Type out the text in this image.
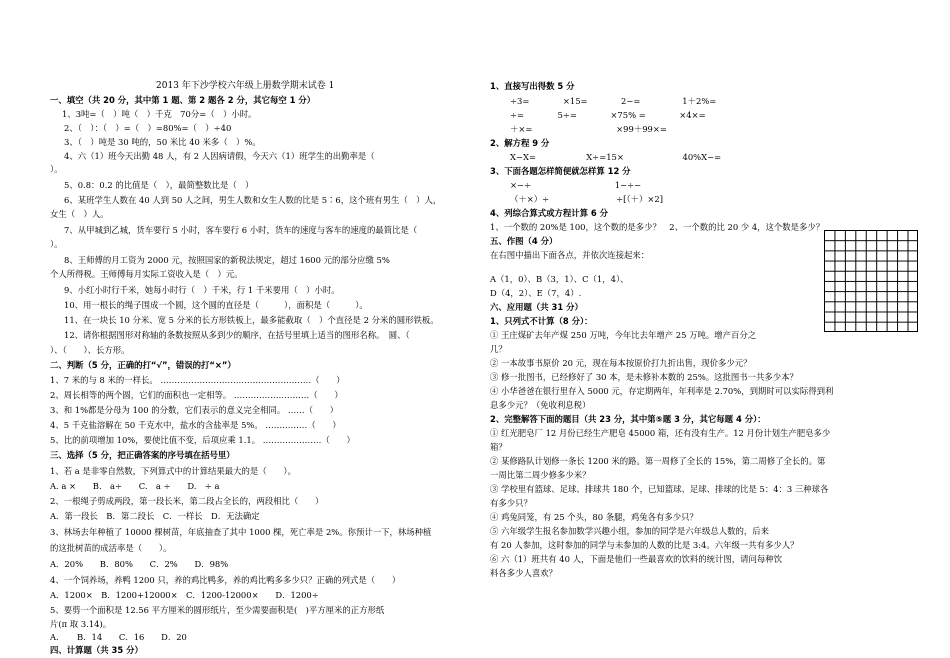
2013 年下沙学校六年级上册数学期末试卷 1
一、填空（共 20 分，其中第 1 题、第 2 题各 2 分，其它每空 1 分）
1、3吨=（　）吨（　）千克　70分=（　）小时。
2、（　）：（　）=（　）=80%=（　）÷40
3、（　）吨是 30 吨的，50 米比 40 米多（　）%。
4、六（1）班今天出勤 48 人，有 2 人因病请假，今天六（1）班学生的出勤率是（
）。
5、0.8：0.2 的比值是（　），最简整数比是（　）
6、某班学生人数在 40 人到 50 人之间，男生人数和女生人数的比是 5∶6，这个班有男生（　）人，
女生（　）人。
7、从甲城到乙城，货车要行 5 小时，客车要行 6 小时，货车的速度与客车的速度的最简比是（
）。
8、王师傅的月工资为 2000 元，按照国家的新税法规定，超过 1600 元的部分应缴 5%
个人所得税。王师傅每月实际工资收入是（　）元。
9、小红小时行千米，她每小时行（　）千米，行 1 千米要用（　）小时。
10、用一根长的绳子围成一个圆，这个圆的直径是（　　　），面积是（　　　）。
11、在一块长 10 分米、宽 5 分米的长方形铁板上，最多能截取（　）个直径是 2 分米的圆形铁板。
12、请你根据图形对称轴的条数按照从多到少的顺序，在括号里填上适当的图形名称。　圆、（
）、（　　）、长方形。
二、判断（5 分，正确的打“√”，错误的打“×”）
1、7 米的与 8 米的一样长。 ………………………………………………（　　）
2、周长相等的两个圆，它们的面积也一定相等。 ………………………（　　）
3、和 1%都是分母为 100 的分数，它们表示的意义完全相同。 ……（　　）
4、5 千克盐溶解在 50 千克水中，盐水的含盐率是 5%。 ……………（　　）
5、比的前项增加 10%，要使比值不变，后项应乘 1.1。 …………………（　　）
三、选择（5 分，把正确答案的序号填在括号里）
1、若 a 是非零自然数，下列算式中的计算结果最大的是（　　）。
A. a ×　　B.　a÷　　C.　a ÷　　D.　÷ a
2、一根绳子剪成两段，第一段长米，第二段占全长的，两段相比（　　）
A．第一段长　B．第二段长　C．一样长　D．无法确定
3、林场去年种植了 10000 棵树苗，年底抽查了其中 1000 棵，死亡率是 2%。你预计一下，林场种植
的这批树苗的成活率是（　　）。
A．20%　　B．80%　　C．2%　　D．98%
4、一个饲养场，养鸭 1200 只，养的鸡比鸭多，养的鸡比鸭多多少只？正确的列式是（　　）
A．1200×　B．1200+12000×　C．1200-12000×　　D．1200÷
5、要剪一个面积是 12.56 平方厘米的圆形纸片，至少需要面积是(　)平方厘米的正方形纸
片(π 取 3.14)。
A．　　B．14　　C．16　　D．20
四、计算题（共 35 分）
1、直接写出得数 5 分
÷3=　　　　×15=　　　　2−=　　　　　1＋2%=
÷=　　　　5÷=　　　　×75% =　　　　×4×=
＋×=　　　　　　　　　　×99＋99×=
2、解方程 9 分
X−X=　　　　　　X÷=15×　　　　　　　40%X−=
3、下面各题怎样简便就怎样算 12 分
×−÷　　　　　　　　　　1−÷−
（＋×）÷　　　　　　　　÷[（＋）×2]
4、列综合算式或方程计算 6 分
1、一个数的 20%是 100，这个数的是多少？　2、一个数的比 20 少 4，这个数是多少？
五、作图（4 分）
在右图中描出下面各点，并依次连接起来：
A（1，0）、B（3，1）、C（1，4）、
D（4，2）、E（7，4）.
六、应用题（共 31 分）
1、只列式不计算（8 分）：
① 王庄煤矿去年产煤 250 万吨，今年比去年增产 25 万吨。增产百分之
几？
② 一本故事书原价 20 元，现在每本按原价打九折出售，现价多少元？
③ 修一批图书，已经修好了 30 本，是未修补本数的 25%。这批图书一共多少本？
④ 小华爸爸在银行里存入 5000 元，存定期两年，年利率是 2.70%，到期时可以实际得到利
息多少元？（免收利息税）
2、完整解答下面的题目（共 23 分，其中第⑤题 3 分，其它每题 4 分）：
① 红光肥皂厂 12 月份已经生产肥皂 45000 箱，还有没有生产。12 月份计划生产肥皂多少
箱？
② 某修路队计划修一条长 1200 米的路。第一周修了全长的 15%，第二周修了全长的。第
一周比第二周少修多少米？
③ 学校里有篮球、足球、排球共 180 个，已知篮球、足球、排球的比是 5：4：3 三种球各
有多少只？
④ 鸡兔同笼，有 25 个头，80 条腿，鸡兔各有多少只？
⑤ 六年级学生报名参加数学兴趣小组，参加的同学是六年级总人数的，后来
有 20 人参加，这时参加的同学与未参加的人数的比是 3:4。六年级一共有多少人？
⑥ 六（1）班共有 40 人，下面是他们一些最喜欢的饮料的统计图，请问每种饮
料各多少人喜欢？
